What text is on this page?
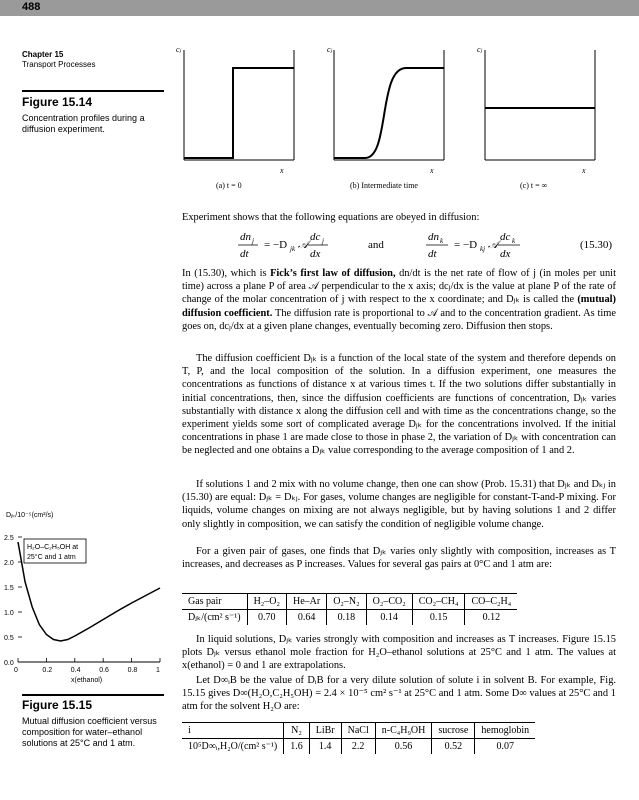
488
Chapter 15
Transport Processes
Figure 15.14
Concentration profiles during a diffusion experiment.
cⱼ
x
(a) t = 0
cⱼ
x
(b) Intermediate time
cⱼ
x
(c) t = ∞
Experiment shows that the following equations are obeyed in diffusion:
dn j
dt
= −D jk 𝒜
dc j
dx
dn k
dt
= −D kj 𝒜
dc k
dx
and	(15.30)

In (15.30), which is Fick’s first law of diffusion, dn/dt is the net rate of flow of j (in moles per unit time) across a plane P of area 𝒜 perpendicular to the x axis; dcⱼ/dx is the value at plane P of the rate of change of the molar concentration of j with respect to the x coordinate; and Dⱼₖ is called the (mutual) diffusion coefficient. The diffusion rate is proportional to 𝒜 and to the concentration gradient. As time goes on, dcⱼ/dx at a given plane changes, eventually becoming zero. Diffusion then stops.

The diffusion coefficient Dⱼₖ is a function of the local state of the system and therefore depends on T, P, and the local composition of the solution. In a diffusion experiment, one measures the concentrations as functions of distance x at various times t. If the two solutions differ substantially in initial concentrations, then, since the diffusion coefficients are functions of concentration, Dⱼₖ varies substantially with distance x along the diffusion cell and with time as the concentrations change, so the experiment yields some sort of complicated average Dⱼₖ for the concentrations involved. If the initial concentrations in phase 1 are made close to those in phase 2, the variation of Dⱼₖ with concentration can be neglected and one obtains a Dⱼₖ value corresponding to the average composition of 1 and 2.

If solutions 1 and 2 mix with no volume change, then one can show (Prob. 15.31) that Dⱼₖ and Dₖⱼ in (15.30) are equal: Dⱼₖ = Dₖⱼ. For gases, volume changes are negligible for constant-T-and-P mixing. For liquids, volume changes on mixing are not always negligible, but by having solutions 1 and 2 differ only slightly in composition, we can satisfy the condition of negligible volume change.

For a given pair of gases, one finds that Dⱼₖ varies only slightly with composition, increases as T increases, and decreases as P increases. Values for several gas pairs at 0°C and 1 atm are:

Gas pair	H₂–O₂	He–Ar	O₂–N₂	O₂–CO₂	CO₂–CH₄	CO–C₂H₄
Dⱼₖ/(cm² s⁻¹)	0.70	0.64	0.18	0.14	0.15	0.12

In liquid solutions, Dⱼₖ varies strongly with composition and increases as T increases. Figure 15.15 plots Dⱼₖ versus ethanol mole fraction for H₂O–ethanol solutions at 25°C and 1 atm. The values at x(ethanol) = 0 and 1 are extrapolations.

Let D∞ᵢB be the value of DᵢB for a very dilute solution of solute i in solvent B. For example, Fig. 15.15 gives D∞(H₂O,C₂H₅OH) = 2.4 × 10⁻⁵ cm² s⁻¹ at 25°C and 1 atm. Some D∞ values at 25°C and 1 atm for the solvent H₂O are:

i	N₂	LiBr	NaCl	n-C₄H₉OH	sucrose	hemoglobin
10⁵D∞ᵢ,H₂O/(cm² s⁻¹)	1.6	1.4	2.2	0.56	0.52	0.07
Dⱼₖ/10⁻⁵(cm²/s)
0.0
0.5
1.0
1.5
2.0
2.5
0	0.2	0.4	0.6	0.8	1
x(ethanol)
H₂O–C₂H₅OH at
25°C and 1 atm
Figure 15.15
Mutual diffusion coefficient versus composition for water–ethanol solutions at 25°C and 1 atm.
